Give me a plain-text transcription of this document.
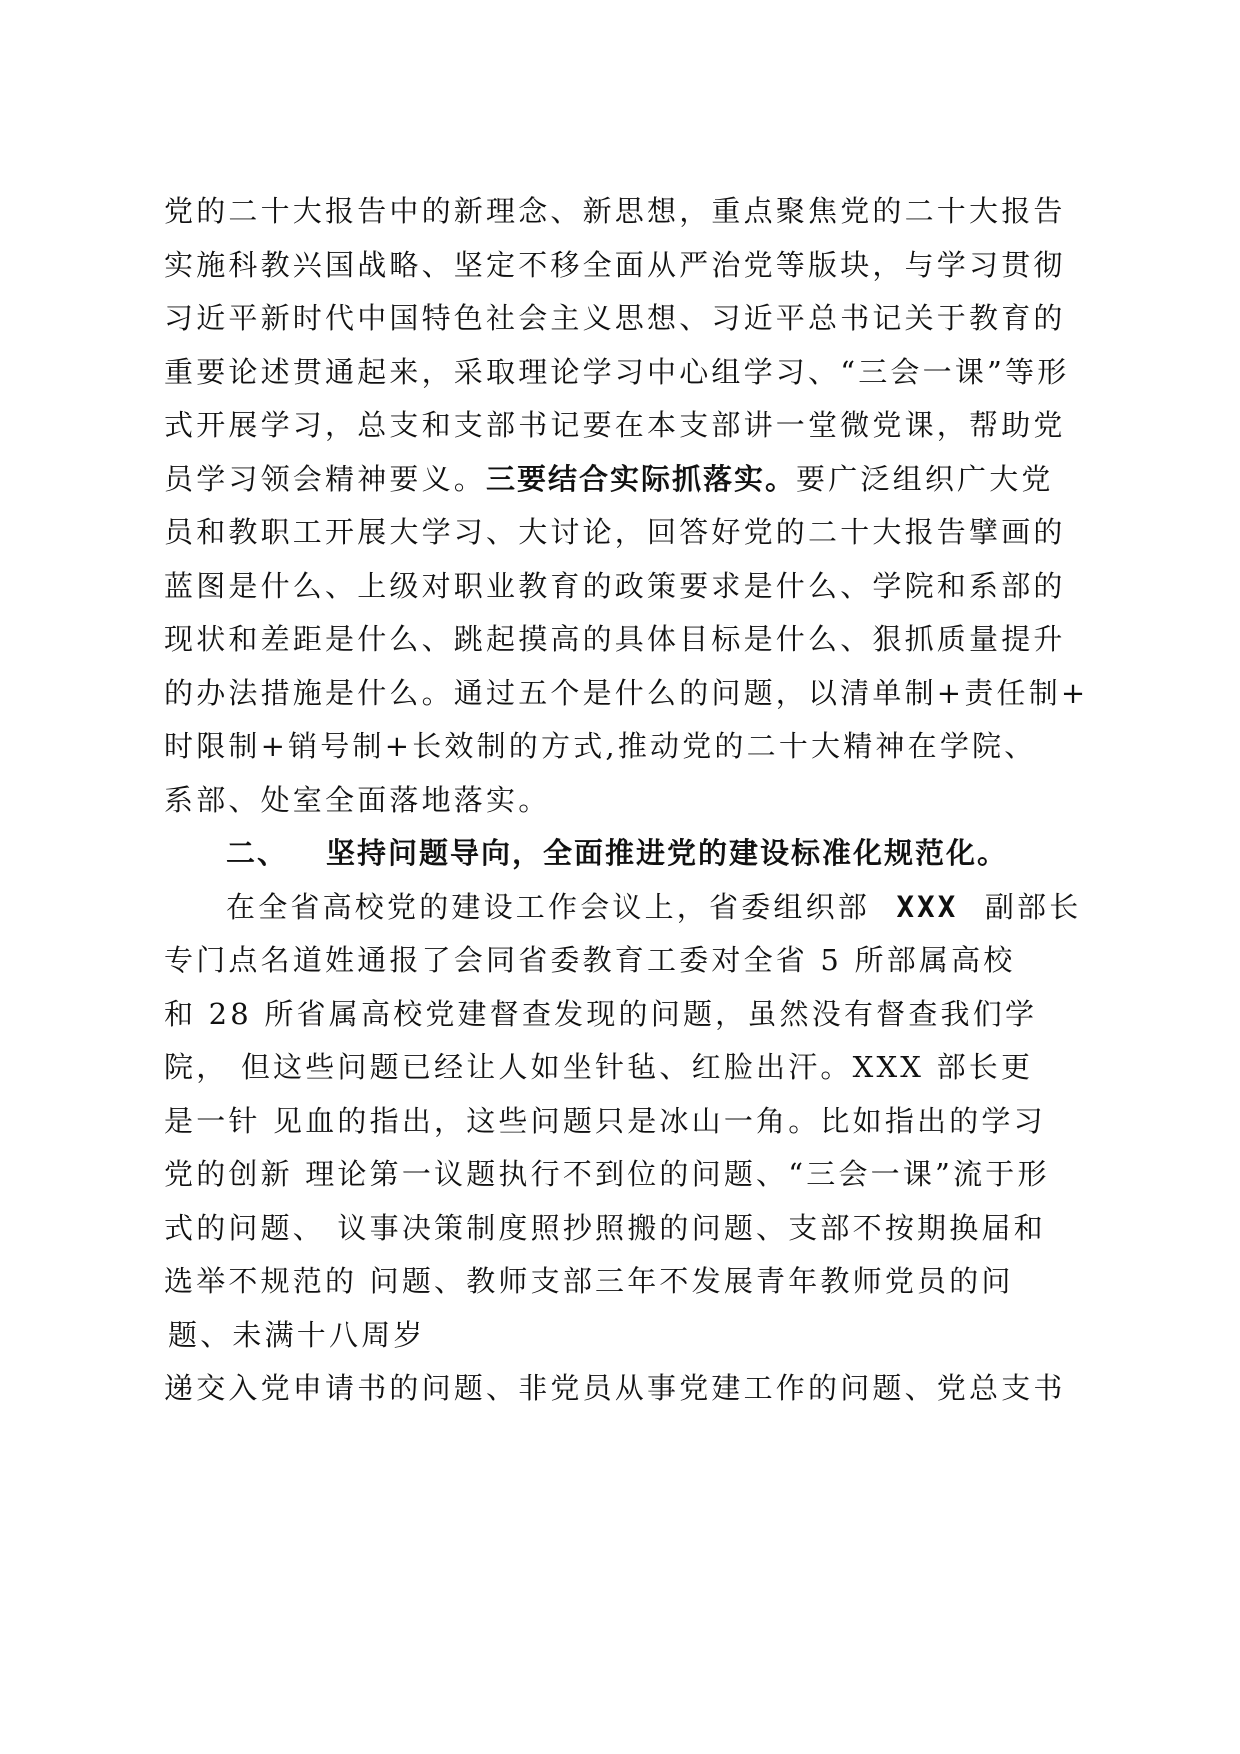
党的二十大报告中的新理念、新思想，重点聚焦党的二十大报告
实施科教兴国战略、坚定不移全面从严治党等版块，与学习贯彻
习近平新时代中国特色社会主义思想、习近平总书记关于教育的
重要论述贯通起来，采取理论学习中心组学习、“三会一课”等形
式开展学习，总支和支部书记要在本支部讲一堂微党课，帮助党
员学习领会精神要义。三要结合实际抓落实。要广泛组织广大党
员和教职工开展大学习、大讨论，回答好党的二十大报告擘画的
蓝图是什么、上级对职业教育的政策要求是什么、学院和系部的
现状和差距是什么、跳起摸高的具体目标是什么、狠抓质量提升
的办法措施是什么。通过五个是什么的问题，以清单制+责任制+
时限制+销号制+长效制的方式,推动党的二十大精神在学院、
系部、处室全面落地落实。
二、 坚持问题导向，全面推进党的建设标准化规范化。
在全省高校党的建设工作会议上，省委组织部 XXX 副部长
专门点名道姓通报了会同省委教育工委对全省 5 所部属高校
和 28 所省属高校党建督查发现的问题，虽然没有督查我们学
院， 但这些问题已经让人如坐针毡、红脸出汗。XXX 部长更
是一针 见血的指出，这些问题只是冰山一角。比如指出的学习
党的创新 理论第一议题执行不到位的问题、“三会一课”流于形
式的问题、 议事决策制度照抄照搬的问题、支部不按期换届和
选举不规范的 问题、教师支部三年不发展青年教师党员的问
题、未满十八周岁
递交入党申请书的问题、非党员从事党建工作的问题、党总支书
